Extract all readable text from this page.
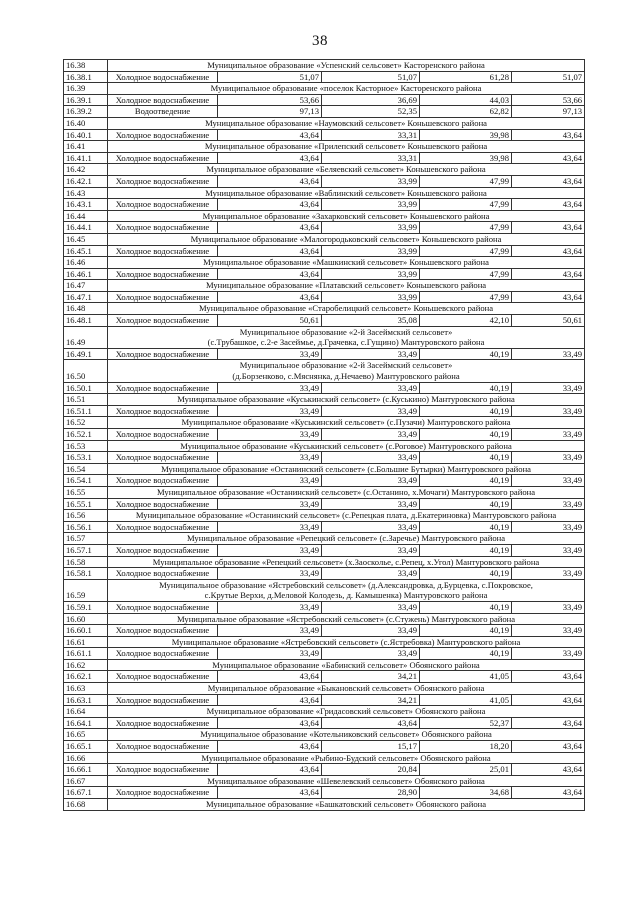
38
16.38	Муниципальное образование «Успенский сельсовет» Касторенского района				

16.38.1	Холодное водоснабжение	51,07	51,07	61,28	51,07
16.39	Муниципальное образование «поселок Касторное» Касторенского района				

16.39.1	Холодное водоснабжение	53,66	36,69	44,03	53,66
16.39.2	Водоотведение	97,13	52,35	62,82	97,13
16.40	Муниципальное образование «Наумовский сельсовет» Коньшевского района				

16.40.1	Холодное водоснабжение	43,64	33,31	39,98	43,64
16.41	Муниципальное образование «Прилепский сельсовет» Коньшевского района				

16.41.1	Холодное водоснабжение	43,64	33,31	39,98	43,64
16.42	Муниципальное образование «Беляевский сельсовет» Коньшевского района				

16.42.1	Холодное водоснабжение	43,64	33,99	47,99	43,64
16.43	Муниципальное образование «Ваблинский сельсовет» Коньшевского района				

16.43.1	Холодное водоснабжение	43,64	33,99	47,99	43,64
16.44	Муниципальное образование «Захарковский сельсовет» Коньшевского района				

16.44.1	Холодное водоснабжение	43,64	33,99	47,99	43,64
16.45	Муниципальное образование «Малогородьковский сельсовет» Коньшевского района				

16.45.1	Холодное водоснабжение	43,64	33,99	47,99	43,64
16.46	Муниципальное образование «Машкинский сельсовет» Коньшевского района				

16.46.1	Холодное водоснабжение	43,64	33,99	47,99	43,64
16.47	Муниципальное образование «Платавский сельсовет» Коньшевского района				

16.47.1	Холодное водоснабжение	43,64	33,99	47,99	43,64
16.48	Муниципальное образование «Старобелицкий сельсовет» Коньшевского района				

16.48.1	Холодное водоснабжение	50,61	35,08	42,10	50,61
16.49	Муниципальное образование «2-й Засеймский сельсовет»
(с.Трубашкое, с.2-е Засеймье, д.Грачевка, с.Гущино) Мантуровского района				

16.49.1	Холодное водоснабжение	33,49	33,49	40,19	33,49
16.50	Муниципальное образование «2-й Засеймский сельсовет»
(д.Борзенково, с.Мяснянка, д.Нечаево) Мантуровского района				

16.50.1	Холодное водоснабжение	33,49	33,49	40,19	33,49
16.51	Муниципальное образование «Куськинский сельсовет» (с.Куськино) Мантуровского района				

16.51.1	Холодное водоснабжение	33,49	33,49	40,19	33,49
16.52	Муниципальное образование «Куськинский сельсовет» (с.Пузачи) Мантуровского района				

16.52.1	Холодное водоснабжение	33,49	33,49	40,19	33,49
16.53	Муниципальное образование «Куськинский сельсовет» (с.Роговое) Мантуровского района				

16.53.1	Холодное водоснабжение	33,49	33,49	40,19	33,49
16.54	Муниципальное образование «Останинский сельсовет» (с.Большие Бутырки) Мантуровского района				

16.54.1	Холодное водоснабжение	33,49	33,49	40,19	33,49
16.55	Муниципальное образование «Останинский сельсовет» (с.Останино, х.Мочаги) Мантуровского района				

16.55.1	Холодное водоснабжение	33,49	33,49	40,19	33,49
16.56	Муниципальное образование «Останинский сельсовет» (с.Репецкая плата, д.Екатериновка) Мантуровского района				

16.56.1	Холодное водоснабжение	33,49	33,49	40,19	33,49
16.57	Муниципальное образование «Репецкий сельсовет» (с.Заречье) Мантуровского района				

16.57.1	Холодное водоснабжение	33,49	33,49	40,19	33,49
16.58	Муниципальное образование «Репецкий сельсовет» (х.Заосколье, с.Репец, х.Угол) Мантуровского района				

16.58.1	Холодное водоснабжение	33,49	33,49	40,19	33,49
16.59	Муниципальное образование «Ястребовский сельсовет» (д.Александровка, д.Бурцевка, с.Покровское,
с.Крутые Верхи, д.Меловой Колодезь, д. Камышенка) Мантуровского района				

16.59.1	Холодное водоснабжение	33,49	33,49	40,19	33,49
16.60	Муниципальное образование «Ястребовский сельсовет» (с.Стужень) Мантуровского района				

16.60.1	Холодное водоснабжение	33,49	33,49	40,19	33,49
16.61	Муниципальное образование «Ястребовский сельсовет» (с.Ястребовка) Мантуровского района				

16.61.1	Холодное водоснабжение	33,49	33,49	40,19	33,49
16.62	Муниципальное образование «Бабинский сельсовет» Обоянского района				

16.62.1	Холодное водоснабжение	43,64	34,21	41,05	43,64
16.63	Муниципальное образование «Быкановский сельсовет» Обоянского района				

16.63.1	Холодное водоснабжение	43,64	34,21	41,05	43,64
16.64	Муниципальное образование «Гридасовский сельсовет» Обоянского района				

16.64.1	Холодное водоснабжение	43,64	43,64	52,37	43,64
16.65	Муниципальное образование «Котельниковский сельсовет» Обоянского района				

16.65.1	Холодное водоснабжение	43,64	15,17	18,20	43,64
16.66	Муниципальное образование «Рыбино-Будский сельсовет» Обоянского района				

16.66.1	Холодное водоснабжение	43,64	20,84	25,01	43,64
16.67	Муниципальное образование «Шевелевский сельсовет» Обоянского района				

16.67.1	Холодное водоснабжение	43,64	28,90	34,68	43,64
16.68	Муниципальное образование «Башкатовский сельсовет» Обоянского района				
